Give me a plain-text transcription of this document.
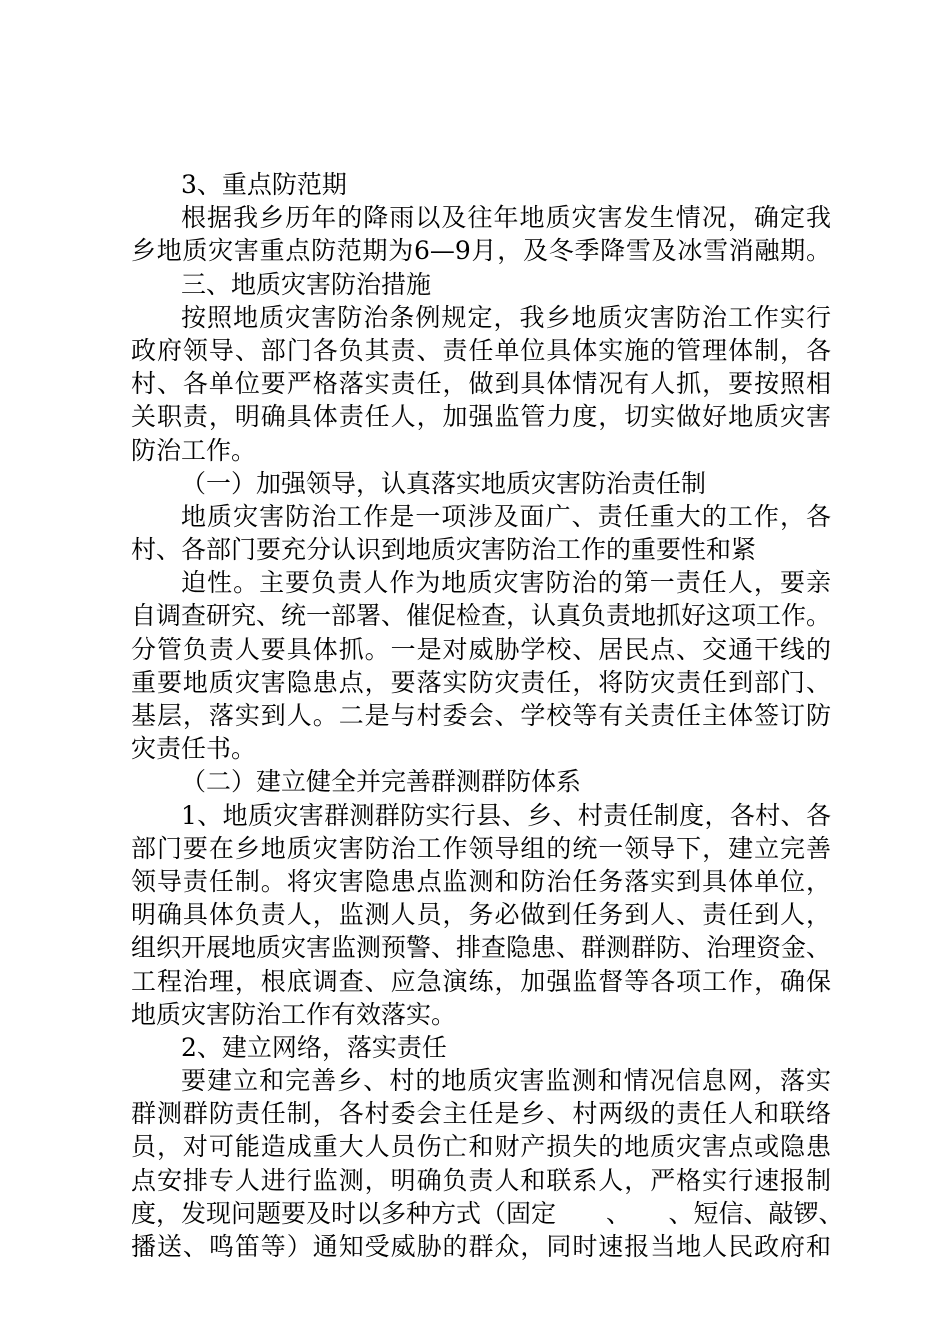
3、重点防范期
根据我乡历年的降雨以及往年地质灾害发生情况，确定我
乡地质灾害重点防范期为6—9月，及冬季降雪及冰雪消融期。
三、地质灾害防治措施
按照地质灾害防治条例规定，我乡地质灾害防治工作实行
政府领导、部门各负其责、责任单位具体实施的管理体制，各
村、各单位要严格落实责任，做到具体情况有人抓，要按照相
关职责，明确具体责任人，加强监管力度，切实做好地质灾害
防治工作。
（一）加强领导，认真落实地质灾害防治责任制
地质灾害防治工作是一项涉及面广、责任重大的工作，各
村、各部门要充分认识到地质灾害防治工作的重要性和紧
迫性。主要负责人作为地质灾害防治的第一责任人，要亲
自调查研究、统一部署、催促检查，认真负责地抓好这项工作。
分管负责人要具体抓。一是对威胁学校、居民点、交通干线的
重要地质灾害隐患点，要落实防灾责任，将防灾责任到部门、
基层，落实到人。二是与村委会、学校等有关责任主体签订防
灾责任书。
（二）建立健全并完善群测群防体系
1、地质灾害群测群防实行县、乡、村责任制度，各村、各
部门要在乡地质灾害防治工作领导组的统一领导下，建立完善
领导责任制。将灾害隐患点监测和防治任务落实到具体单位，
明确具体负责人，监测人员，务必做到任务到人、责任到人，
组织开展地质灾害监测预警、排查隐患、群测群防、治理资金、
工程治理，根底调查、应急演练，加强监督等各项工作，确保
地质灾害防治工作有效落实。
2、建立网络，落实责任
要建立和完善乡、村的地质灾害监测和情况信息网，落实
群测群防责任制，各村委会主任是乡、村两级的责任人和联络
员，对可能造成重大人员伤亡和财产损失的地质灾害点或隐患
点安排专人进行监测，明确负责人和联系人，严格实行速报制
度，发现问题要及时以多种方式（固定　　、　　、短信、敲锣、
播送、鸣笛等）通知受威胁的群众，同时速报当地人民政府和
